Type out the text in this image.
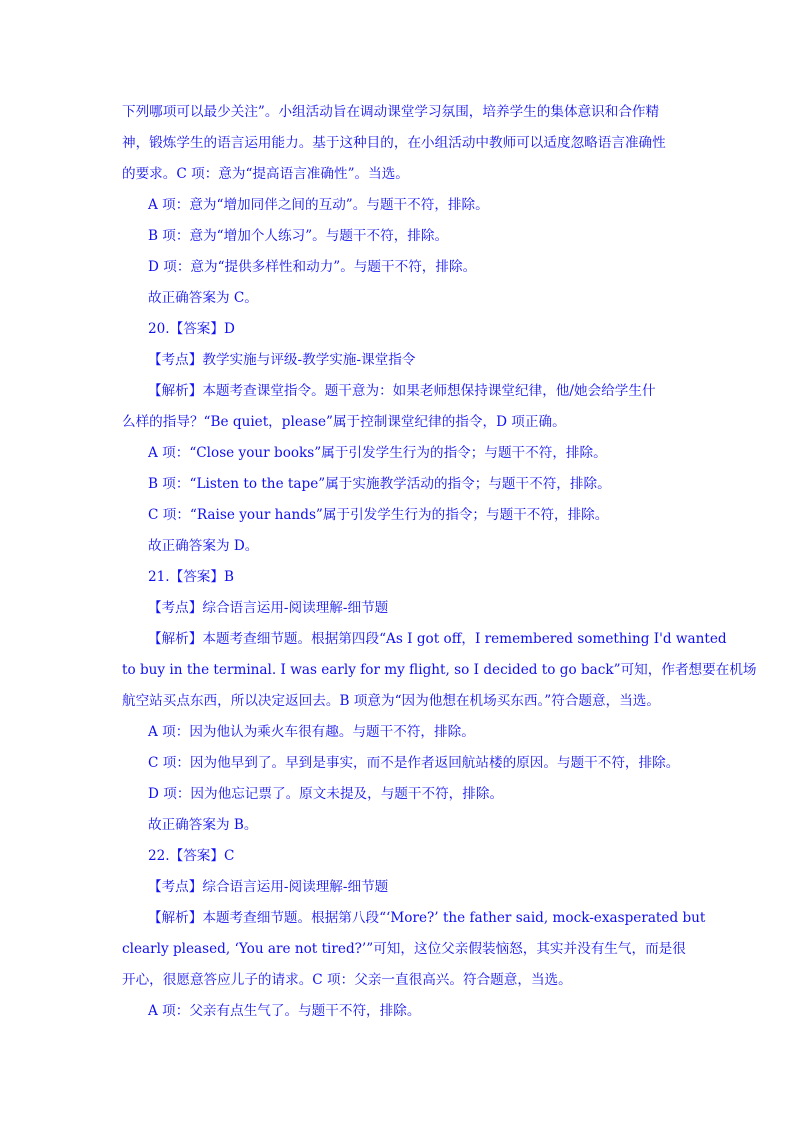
下列哪项可以最少关注”。小组活动旨在调动课堂学习氛围，培养学生的集体意识和合作精

神，锻炼学生的语言运用能力。基于这种目的，在小组活动中教师可以适度忽略语言准确性

的要求。C 项：意为“提高语言准确性”。当选。

A 项：意为“增加同伴之间的互动”。与题干不符，排除。

B 项：意为“增加个人练习”。与题干不符，排除。

D 项：意为“提供多样性和动力”。与题干不符，排除。

故正确答案为 C。

20.【答案】D

【考点】教学实施与评级-教学实施-课堂指令

【解析】本题考查课堂指令。题干意为：如果老师想保持课堂纪律，他/她会给学生什

么样的指导？“Be quiet，please”属于控制课堂纪律的指令，D 项正确。

A 项：“Close your books”属于引发学生行为的指令；与题干不符，排除。

B 项：“Listen to the tape”属于实施教学活动的指令；与题干不符，排除。

C 项：“Raise your hands”属于引发学生行为的指令；与题干不符，排除。

故正确答案为 D。

21.【答案】B

【考点】综合语言运用-阅读理解-细节题

【解析】本题考查细节题。根据第四段“As I got off，I remembered something I'd wanted

to buy in the terminal. I was early for my flight, so I decided to go back”可知，作者想要在机场

航空站买点东西，所以决定返回去。B 项意为“因为他想在机场买东西。”符合题意，当选。

A 项：因为他认为乘火车很有趣。与题干不符，排除。

C 项：因为他早到了。早到是事实，而不是作者返回航站楼的原因。与题干不符，排除。

D 项：因为他忘记票了。原文未提及，与题干不符，排除。

故正确答案为 B。

22.【答案】C

【考点】综合语言运用-阅读理解-细节题

【解析】本题考查细节题。根据第八段“‘More?’ the father said, mock-exasperated but

clearly pleased, ‘You are not tired?’”可知，这位父亲假装恼怒，其实并没有生气，而是很

开心，很愿意答应儿子的请求。C 项：父亲一直很高兴。符合题意，当选。

A 项：父亲有点生气了。与题干不符，排除。
